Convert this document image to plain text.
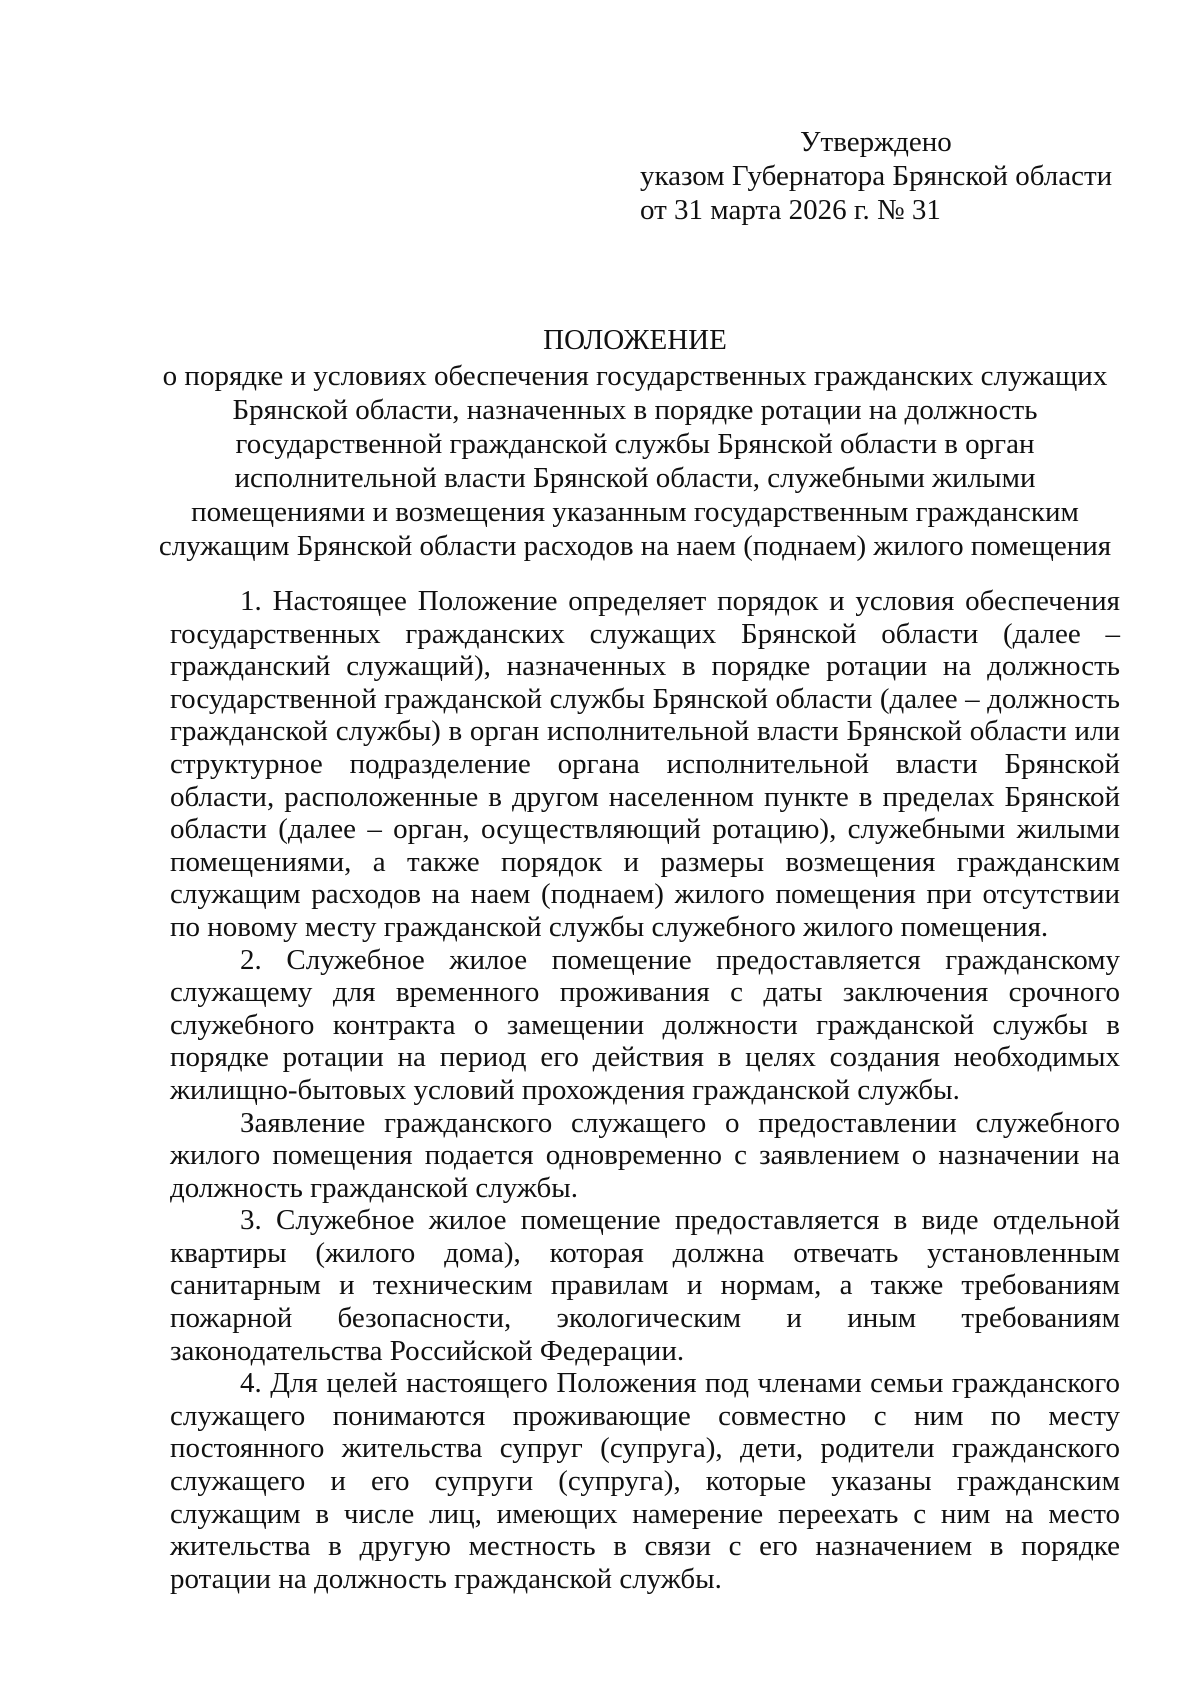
Утверждено
указом Губернатора Брянской области
от 31 марта 2026 г. № 31
ПОЛОЖЕНИЕ

о порядке и условиях обеспечения государственных гражданских служащих Брянской области, назначенных в порядке ротации на должность государственной гражданской службы Брянской области в орган исполнительной власти Брянской области, служебными жилыми помещениями и возмещения указанным государственным гражданским служащим Брянской области расходов на наем (поднаем) жилого помещения

1. Настоящее Положение определяет порядок и условия обеспечения государственных гражданских служащих Брянской области (далее – гражданский служащий), назначенных в порядке ротации на должность государственной гражданской службы Брянской области (далее – должность гражданской службы) в орган исполнительной власти Брянской области или структурное подразделение органа исполнительной власти Брянской области, расположенные в другом населенном пункте в пределах Брянской области (далее – орган, осуществляющий ротацию), служебными жилыми помещениями, а также порядок и размеры возмещения гражданским служащим расходов на наем (поднаем) жилого помещения при отсутствии по новому месту гражданской службы служебного жилого помещения.

2. Служебное жилое помещение предоставляется гражданскому служащему для временного проживания с даты заключения срочного служебного контракта о замещении должности гражданской службы в порядке ротации на период его действия в целях создания необходимых жилищно-бытовых условий прохождения гражданской службы.

Заявление гражданского служащего о предоставлении служебного жилого помещения подается одновременно с заявлением о назначении на должность гражданской службы.

3. Служебное жилое помещение предоставляется в виде отдельной квартиры (жилого дома), которая должна отвечать установленным санитарным и техническим правилам и нормам, а также требованиям пожарной безопасности, экологическим и иным требованиям законодательства Российской Федерации.

4. Для целей настоящего Положения под членами семьи гражданского служащего понимаются проживающие совместно с ним по месту постоянного жительства супруг (супруга), дети, родители гражданского служащего и его супруги (супруга), которые указаны гражданским служащим в числе лиц, имеющих намерение переехать с ним на место жительства в другую местность в связи с его назначением в порядке ротации на должность гражданской службы.
